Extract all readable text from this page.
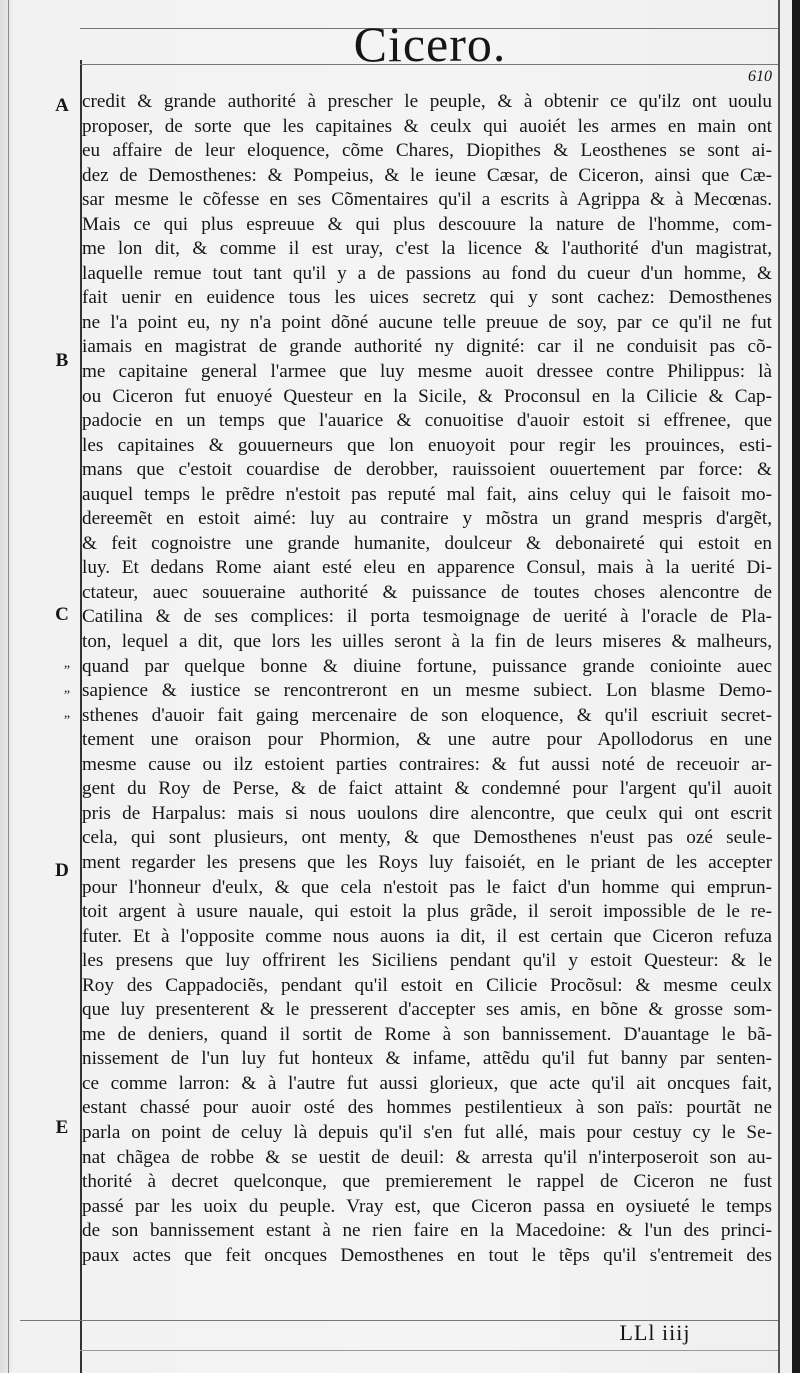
Cicero.
610
A
B
C
D
E
„
„
„
credit & grande authorité à prescher le peuple, & à obtenir ce qu'ilz ont uoulu
proposer, de sorte que les capitaines & ceulx qui auoiét les armes en main ont
eu affaire de leur eloquence, cõme Chares, Diopithes & Leosthenes se sont ai-
dez de Demosthenes: & Pompeius, & le ieune Cæsar, de Ciceron, ainsi que Cæ-
sar mesme le cõfesse en ses Cõmentaires qu'il a escrits à Agrippa & à Mecœnas.
Mais ce qui plus espreuue & qui plus descouure la nature de l'homme, com-
me lon dit, & comme il est uray, c'est la licence & l'authorité d'un magistrat,
laquelle remue tout tant qu'il y a de passions au fond du cueur d'un homme, &
fait uenir en euidence tous les uices secretz qui y sont cachez: Demosthenes
ne l'a point eu, ny n'a point dõné aucune telle preuue de soy, par ce qu'il ne fut
iamais en magistrat de grande authorité ny dignité: car il ne conduisit pas cõ-
me capitaine general l'armee que luy mesme auoit dressee contre Philippus: là
ou Ciceron fut enuoyé Questeur en la Sicile, & Proconsul en la Cilicie & Cap-
padocie en un temps que l'auarice & conuoitise d'auoir estoit si effrenee, que
les capitaines & gouuerneurs que lon enuoyoit pour regir les prouinces, esti-
mans que c'estoit couardise de derobber, rauissoient ouuertement par force: &
auquel temps le prẽdre n'estoit pas reputé mal fait, ains celuy qui le faisoit mo-
dereemẽt en estoit aimé: luy au contraire y mõstra un grand mespris d'argẽt,
& feit cognoistre une grande humanite, doulceur & debonaireté qui estoit en
luy. Et dedans Rome aiant esté eleu en apparence Consul, mais à la uerité Di-
ctateur, auec souueraine authorité & puissance de toutes choses alencontre de
Catilina & de ses complices: il porta tesmoignage de uerité à l'oracle de Pla-
ton, lequel a dit, que lors les uilles seront à la fin de leurs miseres & malheurs,
quand par quelque bonne & diuine fortune, puissance grande coniointe auec
sapience & iustice se rencontreront en un mesme subiect. Lon blasme Demo-
sthenes d'auoir fait gaing mercenaire de son eloquence, & qu'il escriuit secret-
tement une oraison pour Phormion, & une autre pour Apollodorus en une
mesme cause ou ilz estoient parties contraires: & fut aussi noté de receuoir ar-
gent du Roy de Perse, & de faict attaint & condemné pour l'argent qu'il auoit
pris de Harpalus: mais si nous uoulons dire alencontre, que ceulx qui ont escrit
cela, qui sont plusieurs, ont menty, & que Demosthenes n'eust pas ozé seule-
ment regarder les presens que les Roys luy faisoiét, en le priant de les accepter
pour l'honneur d'eulx, & que cela n'estoit pas le faict d'un homme qui emprun-
toit argent à usure nauale, qui estoit la plus grãde, il seroit impossible de le re-
futer. Et à l'opposite comme nous auons ia dit, il est certain que Ciceron refuza
les presens que luy offrirent les Siciliens pendant qu'il y estoit Questeur: & le
Roy des Cappadociẽs, pendant qu'il estoit en Cilicie Procõsul: & mesme ceulx
que luy presenterent & le presserent d'accepter ses amis, en bõne & grosse som-
me de deniers, quand il sortit de Rome à son bannissement. D'auantage le bã-
nissement de l'un luy fut honteux & infame, attẽdu qu'il fut banny par senten-
ce comme larron: & à l'autre fut aussi glorieux, que acte qu'il ait oncques fait,
estant chassé pour auoir osté des hommes pestilentieux à son païs: pourtãt ne
parla on point de celuy là depuis qu'il s'en fut allé, mais pour cestuy cy le Se-
nat chãgea de robbe & se uestit de deuil: & arresta qu'il n'interposeroit son au-
thorité à decret quelconque, que premierement le rappel de Ciceron ne fust
passé par les uoix du peuple. Vray est, que Ciceron passa en oysiueté le temps
de son bannissement estant à ne rien faire en la Macedoine: & l'un des princi-
paux actes que feit oncques Demosthenes en tout le tẽps qu'il s'entremeit des
LLl iiij
